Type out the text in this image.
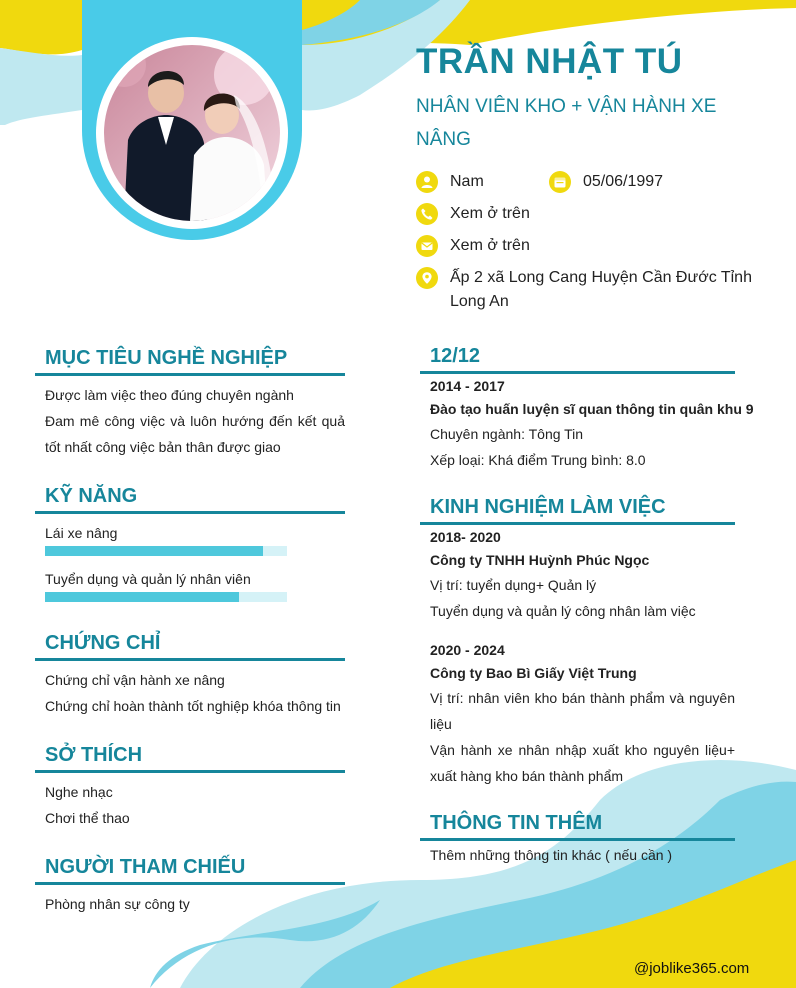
TRẦN NHẬT TÚ
NHÂN VIÊN KHO + VẬN HÀNH XE NÂNG
Nam	05/06/1997
Xem ở trên
Xem ở trên
Ấp 2 xã Long Cang Huyện Cần Đước Tỉnh Long An
MỤC TIÊU NGHỀ NGHIỆP
Được làm việc theo đúng chuyên ngành
Đam mê công việc và luôn hướng đến kết quả tốt nhất công việc bản thân được giao
KỸ NĂNG
Lái xe nâng
Tuyển dụng và quản lý nhân viên
CHỨNG CHỈ
Chứng chỉ vận hành xe nâng
Chứng chỉ hoàn thành tốt nghiệp khóa thông tin
SỞ THÍCH
Nghe nhạc
Chơi thể thao
NGƯỜI THAM CHIẾU
Phòng nhân sự công ty
12/12
2014 - 2017
Đào tạo huấn luyện sĩ quan thông tin quân khu 9
Chuyên ngành: Tông Tin
Xếp loại: Khá điểm Trung bình: 8.0
KINH NGHIỆM LÀM VIỆC
2018- 2020
Công ty TNHH Huỳnh Phúc Ngọc
Vị trí: tuyển dụng+ Quản lý
Tuyển dụng và quản lý công nhân làm việc
2020 - 2024
Công ty Bao Bì Giấy Việt Trung
Vị trí: nhân viên kho bán thành phẩm và nguyên liệu
Vận hành xe nhân nhập xuất kho nguyên liệu+ xuất hàng kho bán thành phẩm
THÔNG TIN THÊM
Thêm những thông tin khác ( nếu cần )
@joblike365.com
